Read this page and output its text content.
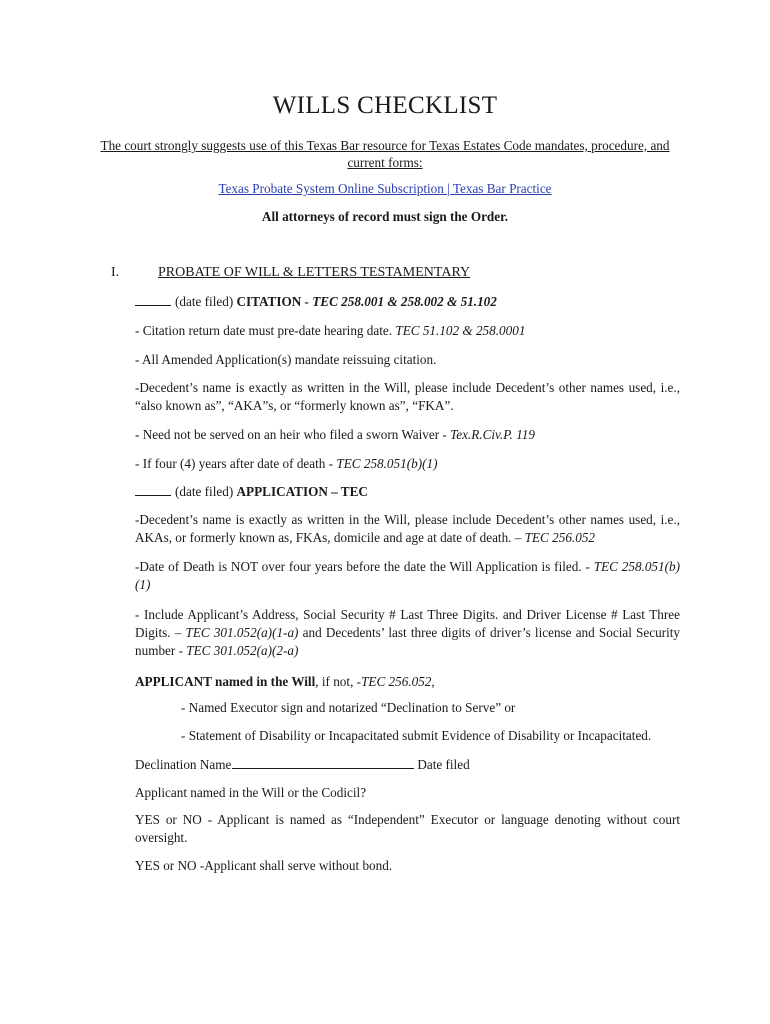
WILLS CHECKLIST
The court strongly suggests use of this Texas Bar resource for Texas Estates Code mandates, procedure, and current forms:
Texas Probate System Online Subscription | Texas Bar Practice
All attorneys of record must sign the Order.
I.	PROBATE OF WILL & LETTERS TESTAMENTARY
(date filed) CITATION - TEC 258.001 & 258.002 & 51.102
- Citation return date must pre-date hearing date. TEC 51.102 & 258.0001
- All Amended Application(s) mandate reissuing citation.
-Decedent’s name is exactly as written in the Will, please include Decedent’s other names used, i.e., “also known as”, “AKA”s, or “formerly known as”, “FKA”.
- Need not be served on an heir who filed a sworn Waiver - Tex.R.Civ.P. 119
- If four (4) years after date of death - TEC 258.051(b)(1)
(date filed) APPLICATION – TEC
-Decedent’s name is exactly as written in the Will, please include Decedent’s other names used, i.e., AKAs, or formerly known as, FKAs, domicile and age at date of death. – TEC 256.052
-Date of Death is NOT over four years before the date the Will Application is filed. - TEC 258.051(b)(1)
- Include Applicant’s Address, Social Security # Last Three Digits. and Driver License # Last Three Digits. – TEC 301.052(a)(1-a) and Decedents’ last three digits of driver’s license and Social Security number - TEC 301.052(a)(2-a)
APPLICANT named in the Will, if not, -TEC 256.052,
- Named Executor sign and notarized “Declination to Serve” or
- Statement of Disability or Incapacitated submit Evidence of Disability or Incapacitated.
Declination Name	Date filed
Applicant named in the Will or the Codicil?
YES or NO - Applicant is named as “Independent” Executor or language denoting without court oversight.
YES or NO -Applicant shall serve without bond.
